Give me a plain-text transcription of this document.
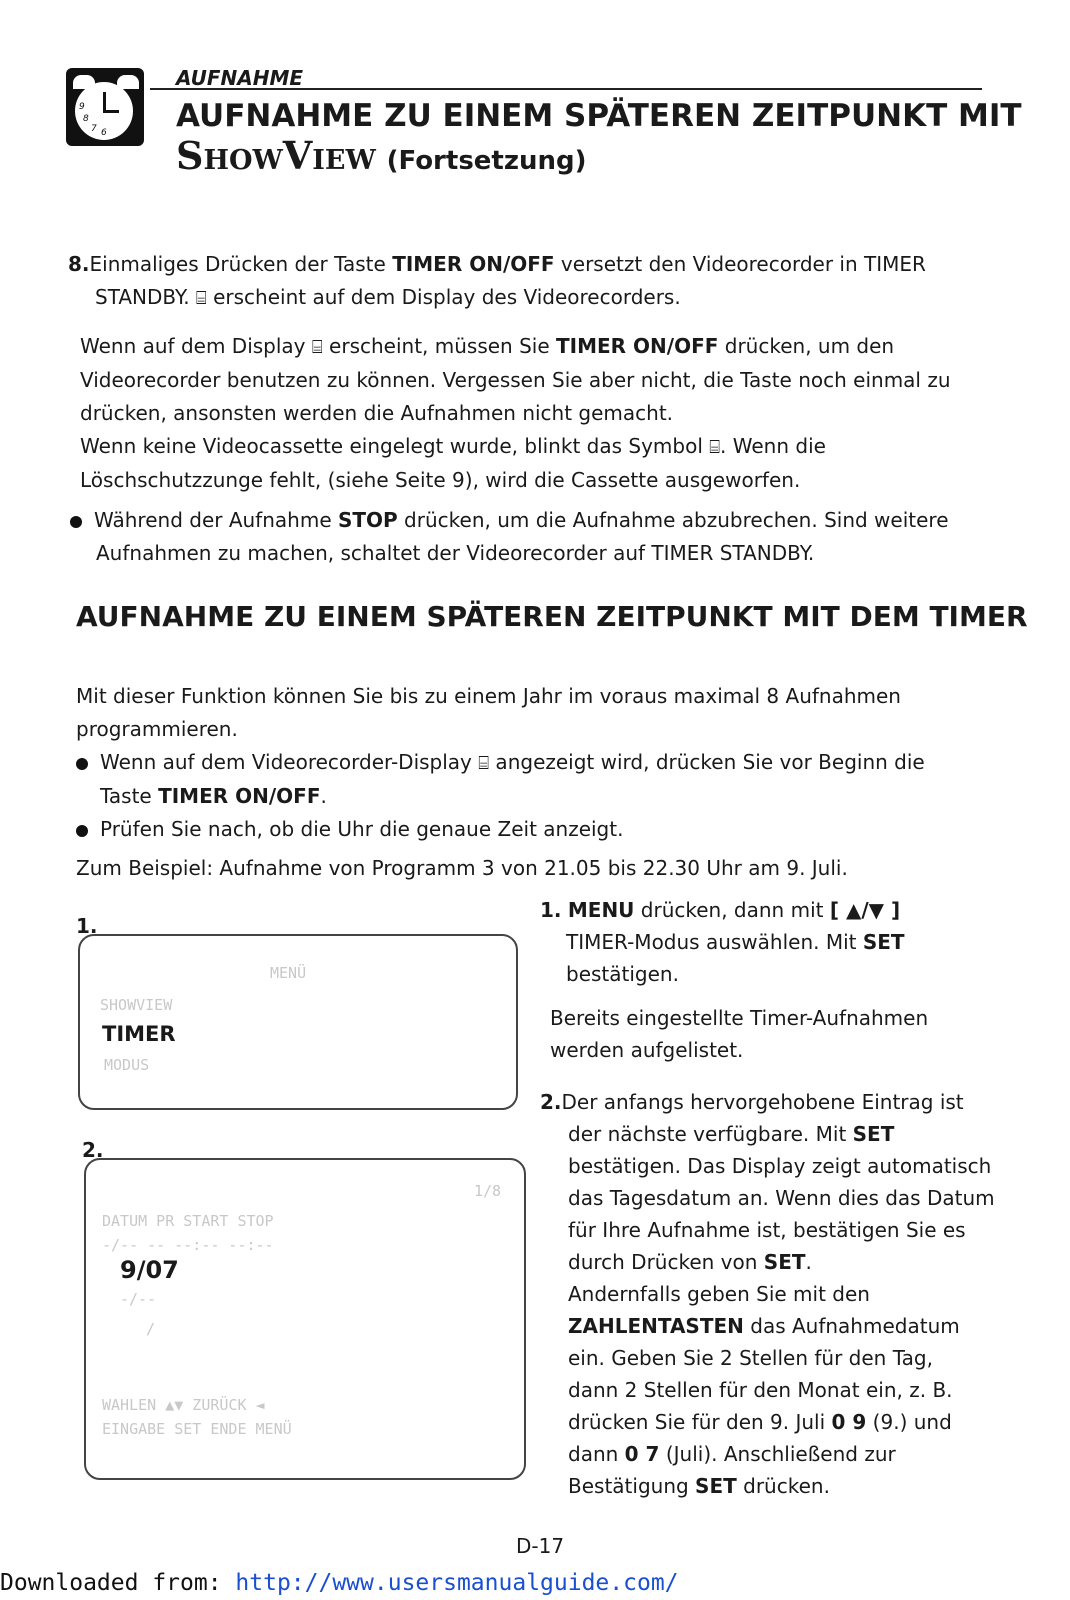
9
8
7 6
AUFNAHME
AUFNAHME ZU EINEM SPÄTEREN ZEITPUNKT MIT
ShowView (Fortsetzung)
8.Einmaliges Drücken der Taste TIMER ON/OFF versetzt den Videorecorder in TIMER
STANDBY. ⌸ erscheint auf dem Display des Videorecorders.
Wenn auf dem Display ⌸ erscheint, müssen Sie TIMER ON/OFF drücken, um den
Videorecorder benutzen zu können. Vergessen Sie aber nicht, die Taste noch einmal zu
drücken, ansonsten werden die Aufnahmen nicht gemacht.
Wenn keine Videocassette eingelegt wurde, blinkt das Symbol ⌸. Wenn die
Löschschutzzunge fehlt, (siehe Seite 9), wird die Cassette ausgeworfen.
Während der Aufnahme STOP drücken, um die Aufnahme abzubrechen. Sind weitere
Aufnahmen zu machen, schaltet der Videorecorder auf TIMER STANDBY.
AUFNAHME ZU EINEM SPÄTEREN ZEITPUNKT MIT DEM TIMER
Mit dieser Funktion können Sie bis zu einem Jahr im voraus maximal 8 Aufnahmen
programmieren.
Wenn auf dem Videorecorder-Display ⌸ angezeigt wird, drücken Sie vor Beginn die
Taste TIMER ON/OFF.
Prüfen Sie nach, ob die Uhr die genaue Zeit anzeigt.
Zum Beispiel: Aufnahme von Programm 3 von 21.05 bis 22.30 Uhr am 9. Juli.
1.
MENÜ
SHOWVIEW
TIMER
MODUS
2.
1/8
DATUM PR START STOP
-/-- -- --:-- --:--
9/07
-/--
/
WAHLEN ▲▼ ZURÜCK ◄
EINGABE SET ENDE MENÜ
1. MENU drücken, dann mit [ ▲/▼ ]
TIMER-Modus auswählen. Mit SET
bestätigen.
Bereits eingestellte Timer-Aufnahmen
werden aufgelistet.
2.Der anfangs hervorgehobene Eintrag ist
der nächste verfügbare. Mit SET
bestätigen. Das Display zeigt automatisch
das Tagesdatum an. Wenn dies das Datum
für Ihre Aufnahme ist, bestätigen Sie es
durch Drücken von SET.
Andernfalls geben Sie mit den
ZAHLENTASTEN das Aufnahmedatum
ein. Geben Sie 2 Stellen für den Tag,
dann 2 Stellen für den Monat ein, z. B.
drücken Sie für den 9. Juli 0 9 (9.) und
dann 0 7 (Juli). Anschließend zur
Bestätigung SET drücken.
D-17
Downloaded from: http://www.usersmanualguide.com/
